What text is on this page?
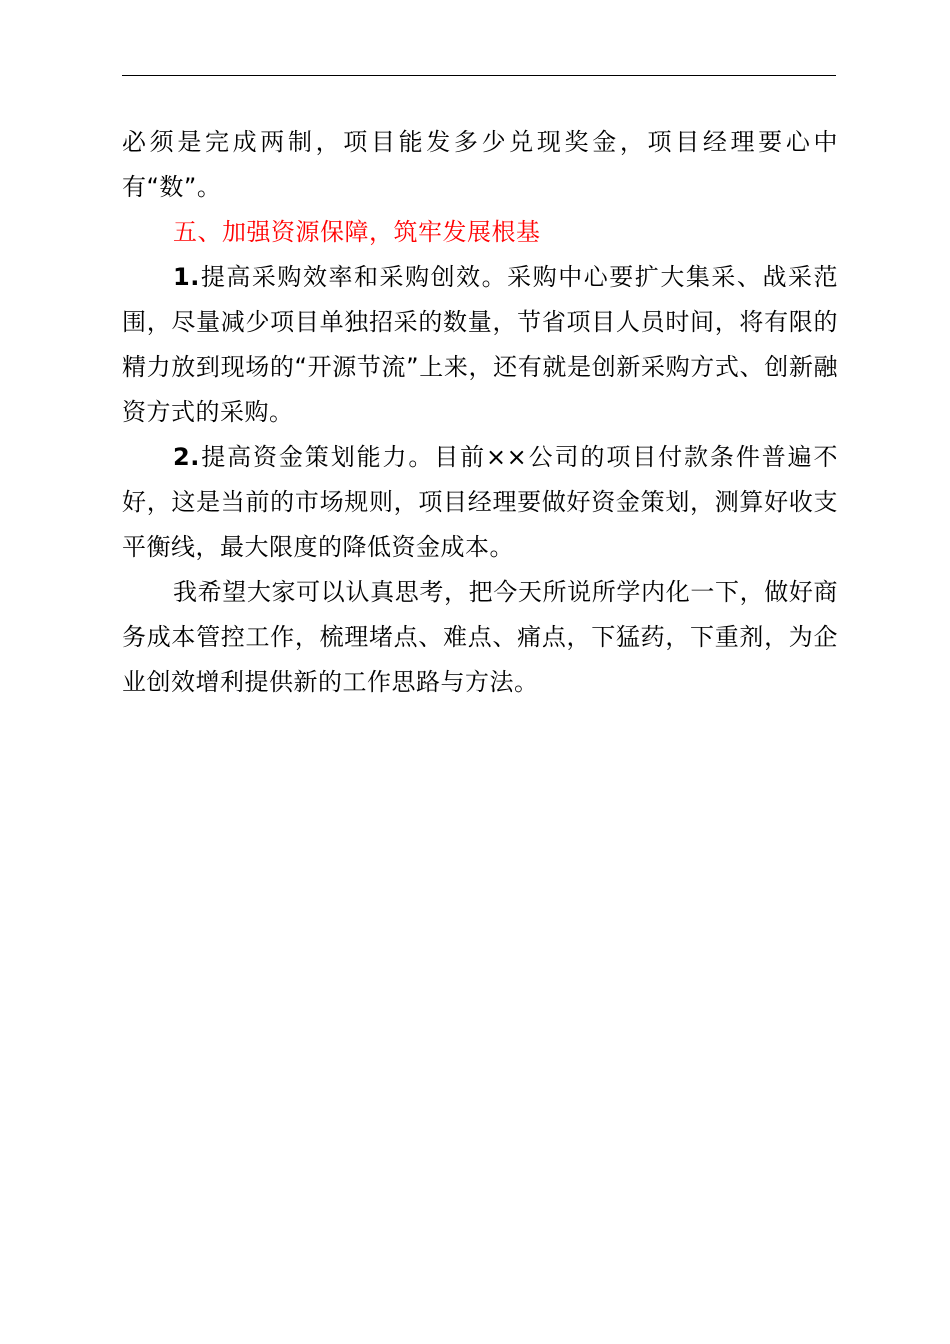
必须是完成两制，项目能发多少兑现奖金，项目经理要心中有“数”。

五、加强资源保障，筑牢发展根基

1.提高采购效率和采购创效。采购中心要扩大集采、战采范围，尽量减少项目单独招采的数量，节省项目人员时间，将有限的精力放到现场的“开源节流”上来，还有就是创新采购方式、创新融资方式的采购。

2.提高资金策划能力。目前××公司的项目付款条件普遍不好，这是当前的市场规则，项目经理要做好资金策划，测算好收支平衡线，最大限度的降低资金成本。

我希望大家可以认真思考，把今天所说所学内化一下，做好商务成本管控工作，梳理堵点、难点、痛点，下猛药，下重剂，为企业创效增利提供新的工作思路与方法。
